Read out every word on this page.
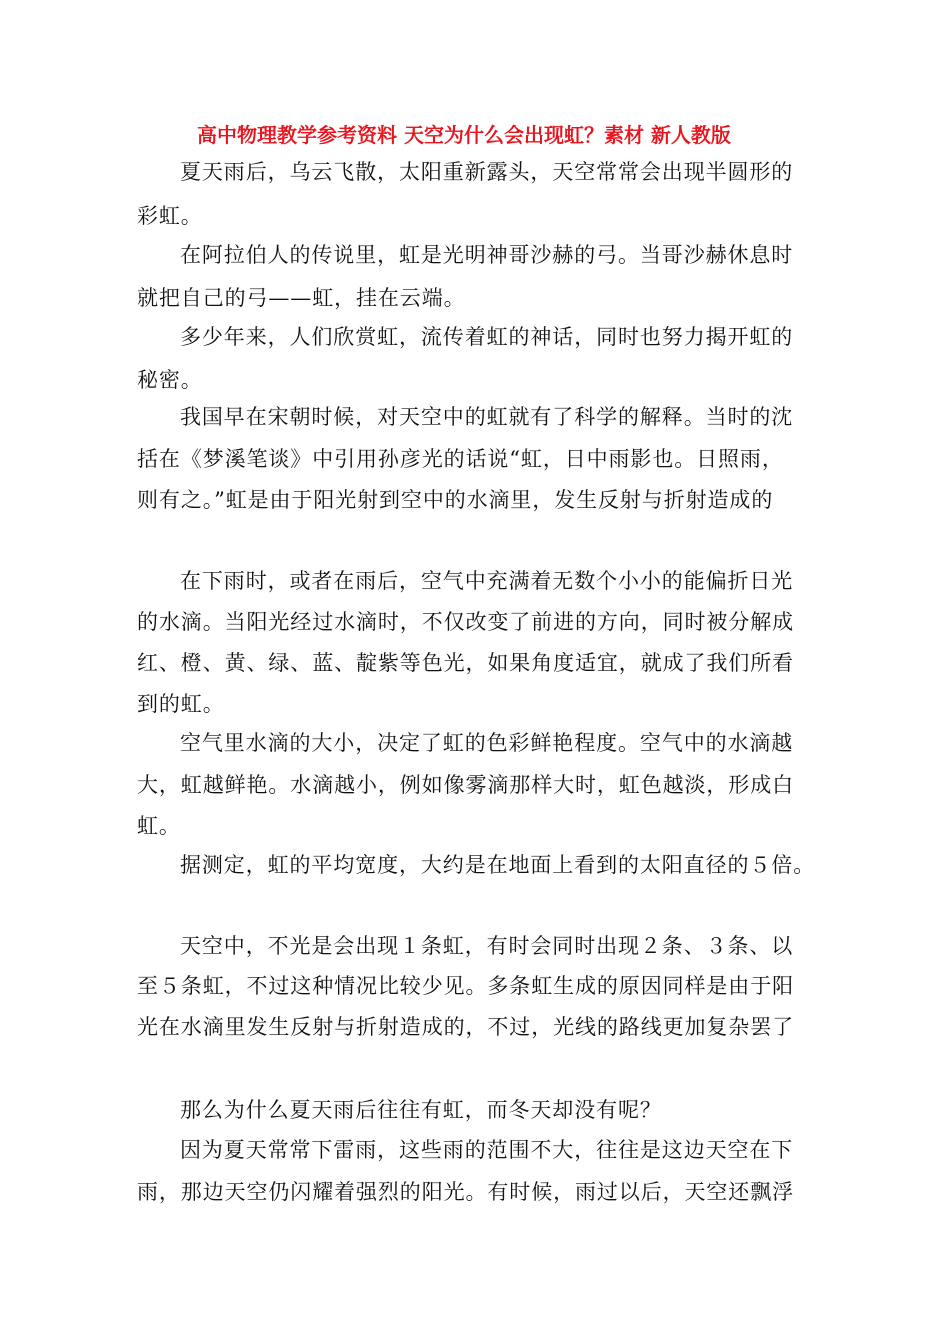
高中物理教学参考资料 天空为什么会出现虹？素材 新人教版
夏天雨后，乌云飞散，太阳重新露头，天空常常会出现半圆形的
彩虹。
在阿拉伯人的传说里，虹是光明神哥沙赫的弓。当哥沙赫休息时
就把自己的弓——虹，挂在云端。
多少年来，人们欣赏虹，流传着虹的神话，同时也努力揭开虹的
秘密。
我国早在宋朝时候，对天空中的虹就有了科学的解释。当时的沈
括在《梦溪笔谈》中引用孙彦光的话说“虹，日中雨影也。日照雨，
则有之。”虹是由于阳光射到空中的水滴里，发生反射与折射造成的
在下雨时，或者在雨后，空气中充满着无数个小小的能偏折日光
的水滴。当阳光经过水滴时，不仅改变了前进的方向，同时被分解成
红、橙、黄、绿、蓝、靛紫等色光，如果角度适宜，就成了我们所看
到的虹。
空气里水滴的大小，决定了虹的色彩鲜艳程度。空气中的水滴越
大，虹越鲜艳。水滴越小，例如像雾滴那样大时，虹色越淡，形成白
虹。
据测定，虹的平均宽度，大约是在地面上看到的太阳直径的５倍。
天空中，不光是会出现１条虹，有时会同时出现２条、３条、以
至５条虹，不过这种情况比较少见。多条虹生成的原因同样是由于阳
光在水滴里发生反射与折射造成的，不过，光线的路线更加复杂罢了
那么为什么夏天雨后往往有虹，而冬天却没有呢？
因为夏天常常下雷雨，这些雨的范围不大，往往是这边天空在下
雨，那边天空仍闪耀着强烈的阳光。有时候，雨过以后，天空还飘浮
